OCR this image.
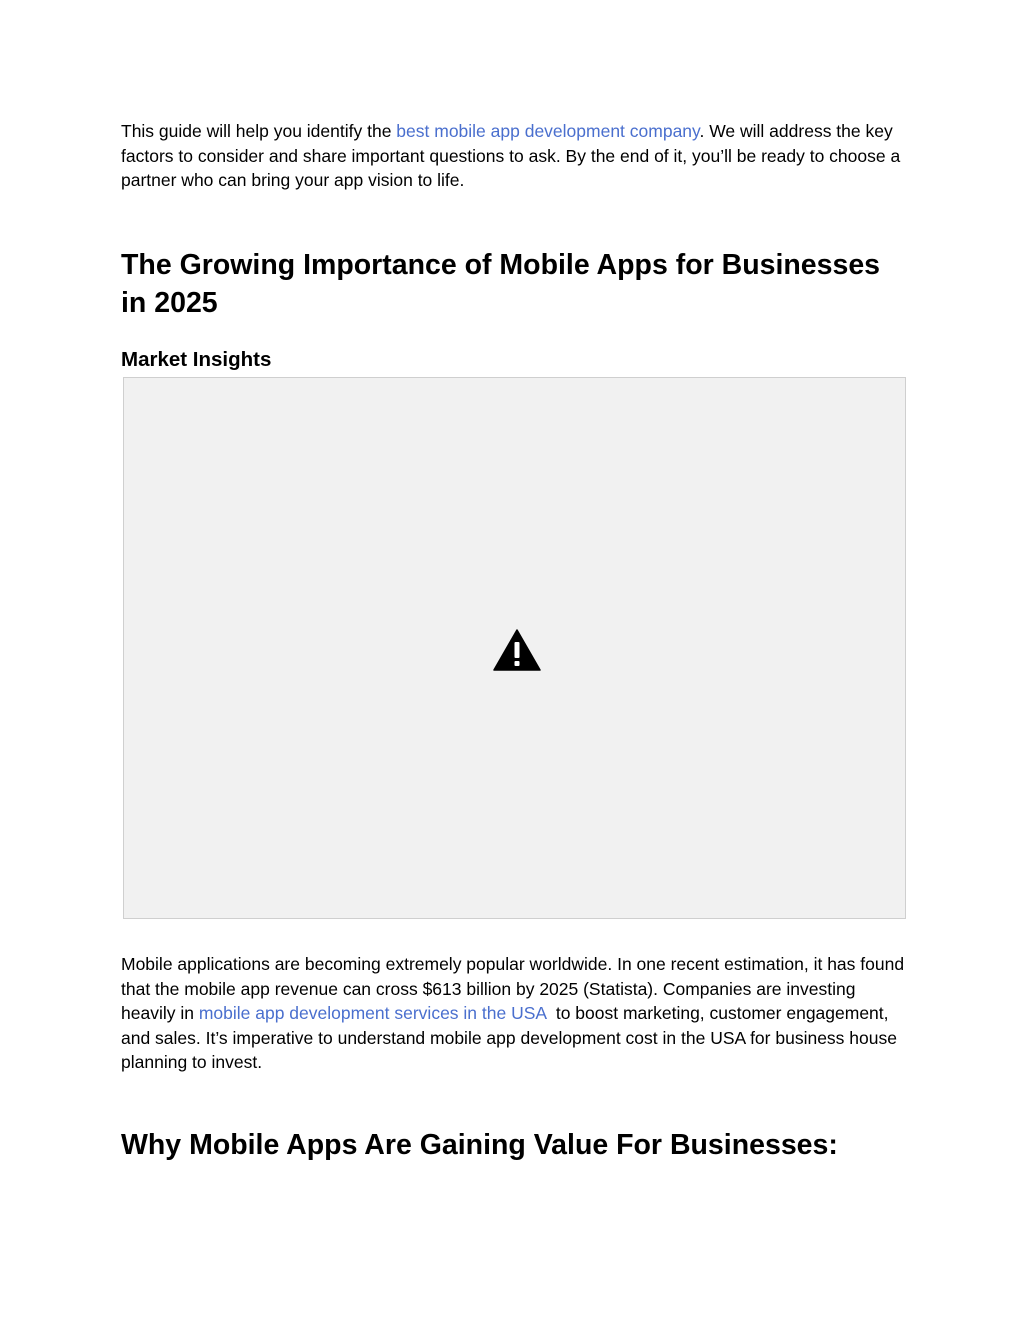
This guide will help you identify the best mobile app development company. We will address the key factors to consider and share important questions to ask. By the end of it, you’ll be ready to choose a partner who can bring your app vision to life.

The Growing Importance of Mobile Apps for Businesses in 2025
Market Insights

Mobile applications are becoming extremely popular worldwide. In one recent estimation, it has found that the mobile app revenue can cross $613 billion by 2025 (Statista). Companies are investing heavily in mobile app development services in the USA  to boost marketing, customer engagement, and sales. It’s imperative to understand mobile app development cost in the USA for business house planning to invest.

Why Mobile Apps Are Gaining Value For Businesses:
